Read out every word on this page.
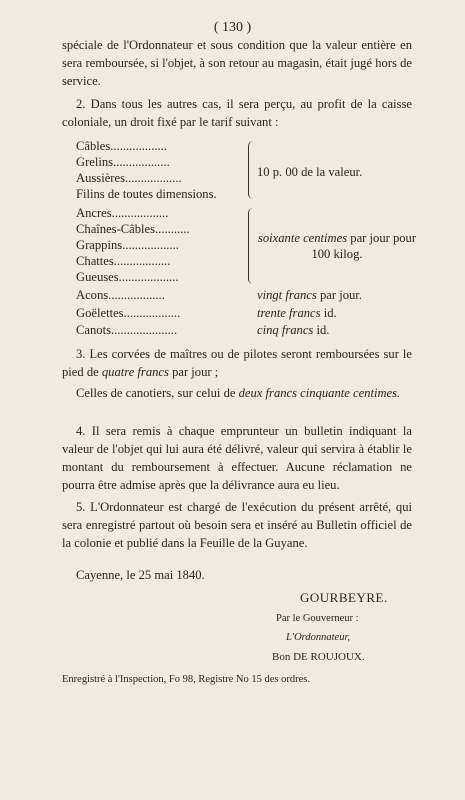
( 130 )
spéciale de l'Ordonnateur et sous condition que la valeur entière en sera remboursée, si l'objet, à son retour au magasin, était jugé hors de service.
2. Dans tous les autres cas, il sera perçu, au profit de la caisse coloniale, un droit fixé par le tarif suivant :
Câbles..................
Grelins..................
Aussières..................
Filins de toutes dimensions.
10 p. 00 de la valeur.
Ancres..................
Chaînes-Câbles...........
Grappins..................
Chattes..................
Gueuses...................
soixante centimes par jour pour 100 kilog.
Acons..................	vingt francs par jour.
Goëlettes..................	trente francs id.
Canots.....................	cinq francs id.
3. Les corvées de maîtres ou de pilotes seront remboursées sur le pied de quatre francs par jour ;
Celles de canotiers, sur celui de deux francs cinquante centimes.
4. Il sera remis à chaque emprunteur un bulletin indiquant la valeur de l'objet qui lui aura été délivré, valeur qui servira à établir le montant du remboursement à effectuer. Aucune réclamation ne pourra être admise après que la délivrance aura eu lieu.
5. L'Ordonnateur est chargé de l'exécution du présent arrêté, qui sera enregistré partout où besoin sera et inséré au Bulletin officiel de la colonie et publié dans la Feuille de la Guyane.
Cayenne, le 25 mai 1840.
GOURBEYRE.
Par le Gouverneur :
L'Ordonnateur,
Bon DE ROUJOUX.
Enregistré à l'Inspection, Fo 98, Registre No 15 des ordres.
